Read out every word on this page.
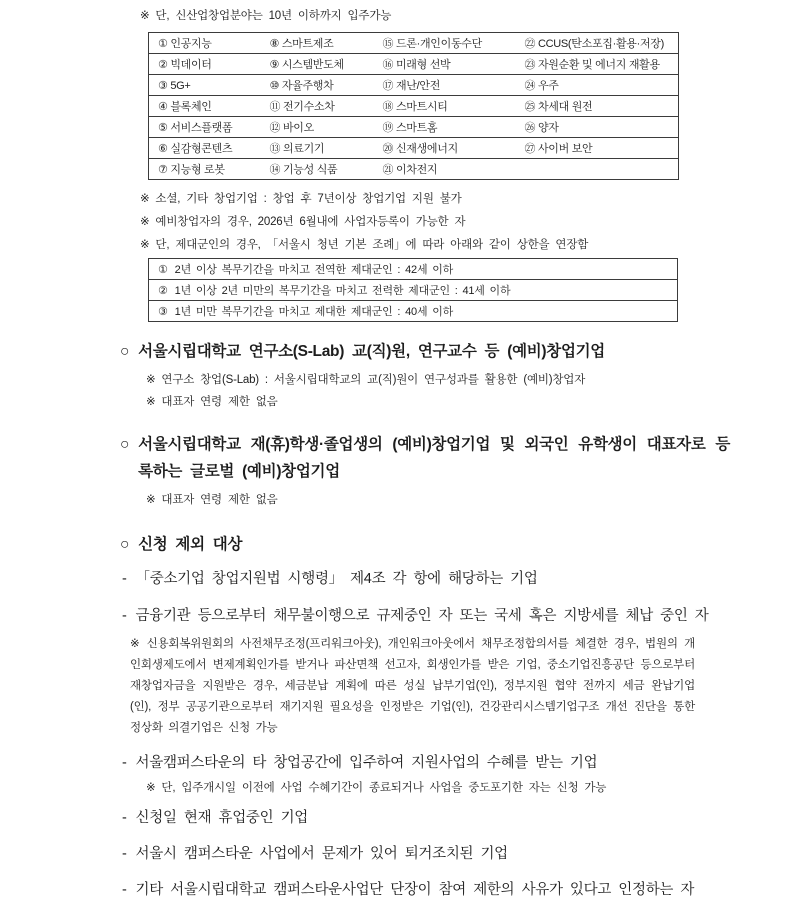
※ 단, 신산업창업분야는 10년 이하까지 입주가능

① 인공지능	⑧ 스마트제조	⑮ 드론·개인이동수단	㉒ CCUS(탄소포집·활용·저장)
② 빅데이터	⑨ 시스템반도체	⑯ 미래형 선박	㉓ 자원순환 및 에너지 재활용
③ 5G+	⑩ 자율주행차	⑰ 재난/안전	㉔ 우주
④ 블록체인	⑪ 전기수소차	⑱ 스마트시티	㉕ 차세대 원전
⑤ 서비스플랫폼	⑫ 바이오	⑲ 스마트홈	㉖ 양자
⑥ 실감형콘텐츠	⑬ 의료기기	⑳ 신재생에너지	㉗ 사이버 보안
⑦ 지능형 로봇	⑭ 기능성 식품	㉑ 이차전지	

※ 소셜, 기타 창업기업 : 창업 후 7년이상 창업기업 지원 불가

※ 예비창업자의 경우, 2026년 6월내에 사업자등록이 가능한 자

※ 단, 제대군인의 경우, 「서울시 청년 기본 조례」에 따라 아래와 같이 상한을 연장함

① 2년 이상 복무기간을 마치고 전역한 제대군인 : 42세 이하
② 1년 이상 2년 미만의 복무기간을 마치고 전력한 제대군인 : 41세 이하
③ 1년 미만 복무기간을 마치고 제대한 제대군인 : 40세 이하
○ 서울시립대학교 연구소(S-Lab) 교(직)원, 연구교수 등 (예비)창업기업

※ 연구소 창업(S-Lab) : 서울시립대학교의 교(직)원이 연구성과를 활용한 (예비)창업자

※ 대표자 연령 제한 없음

○ 서울시립대학교 재(휴)학생·졸업생의 (예비)창업기업 및 외국인 유학생이 대표자로 등록하는 글로벌 (예비)창업기업

※ 대표자 연령 제한 없음

○ 신청 제외 대상
- 「중소기업 창업지원법 시행령」 제4조 각 항에 해당하는 기업
- 금융기관 등으로부터 채무불이행으로 규제중인 자 또는 국세 혹은 지방세를 체납 중인 자

※ 신용회복위원회의 사전채무조정(프리워크아웃), 개인워크아웃에서 채무조정합의서를 체결한 경우, 법원의 개인회생제도에서 변제계획인가를 받거나 파산면책 선고자, 회생인가를 받은 기업, 중소기업진흥공단 등으로부터 재창업자금을 지원받은 경우, 세금분납 계획에 따른 성실 납부기업(인), 정부지원 협약 전까지 세금 완납기업(인), 정부 공공기관으로부터 재기지원 필요성을 인정받은 기업(인), 건강관리시스템기업구조 개선 진단을 통한 정상화 의결기업은 신청 가능

- 서울캠퍼스타운의 타 창업공간에 입주하여 지원사업의 수혜를 받는 기업

※ 단, 입주개시일 이전에 사업 수혜기간이 종료되거나 사업을 중도포기한 자는 신청 가능

- 신청일 현재 휴업중인 기업
- 서울시 캠퍼스타운 사업에서 문제가 있어 퇴거조치된 기업
- 기타 서울시립대학교 캠퍼스타운사업단 단장이 참여 제한의 사유가 있다고 인정하는 자
